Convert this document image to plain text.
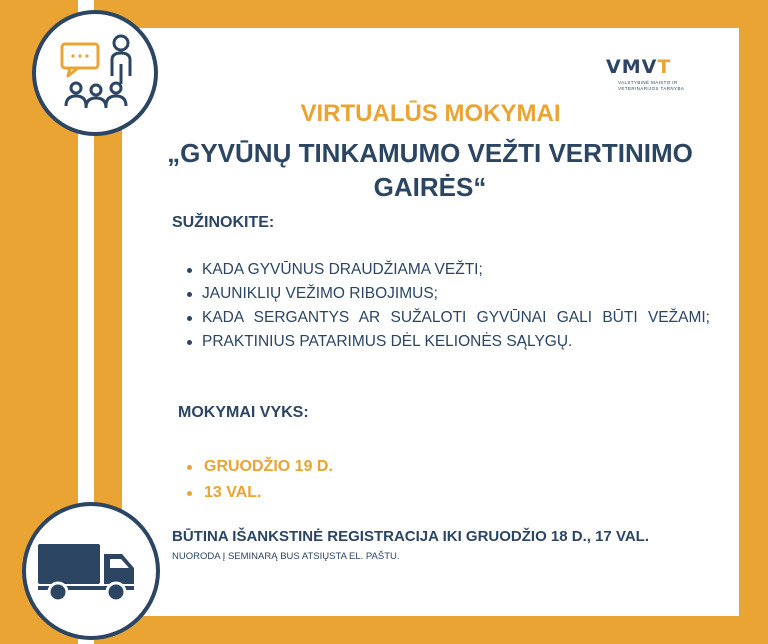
VMVT
VALSTYBINĖ MAISTO IR VETERINARIJOS TARNYBA
VIRTUALŪS MOKYMAI
„GYVŪNŲ TINKAMUMO VEŽTI VERTINIMO GAIRĖS“
SUŽINOKITE:
KADA GYVŪNUS DRAUDŽIAMA VEŽTI;
JAUNIKLIŲ VEŽIMO RIBOJIMUS;
KADA SERGANTYS AR SUŽALOTI GYVŪNAI GALI BŪTI VEŽAMI;
PRAKTINIUS PATARIMUS DĖL KELIONĖS SĄLYGŲ.
MOKYMAI VYKS:
GRUODŽIO 19 D.
13 VAL.
BŪTINA IŠANKSTINĖ REGISTRACIJA IKI GRUODŽIO 18 D., 17 VAL.
NUORODA Į SEMINARĄ BUS ATSIŲSTA EL. PAŠTU.
